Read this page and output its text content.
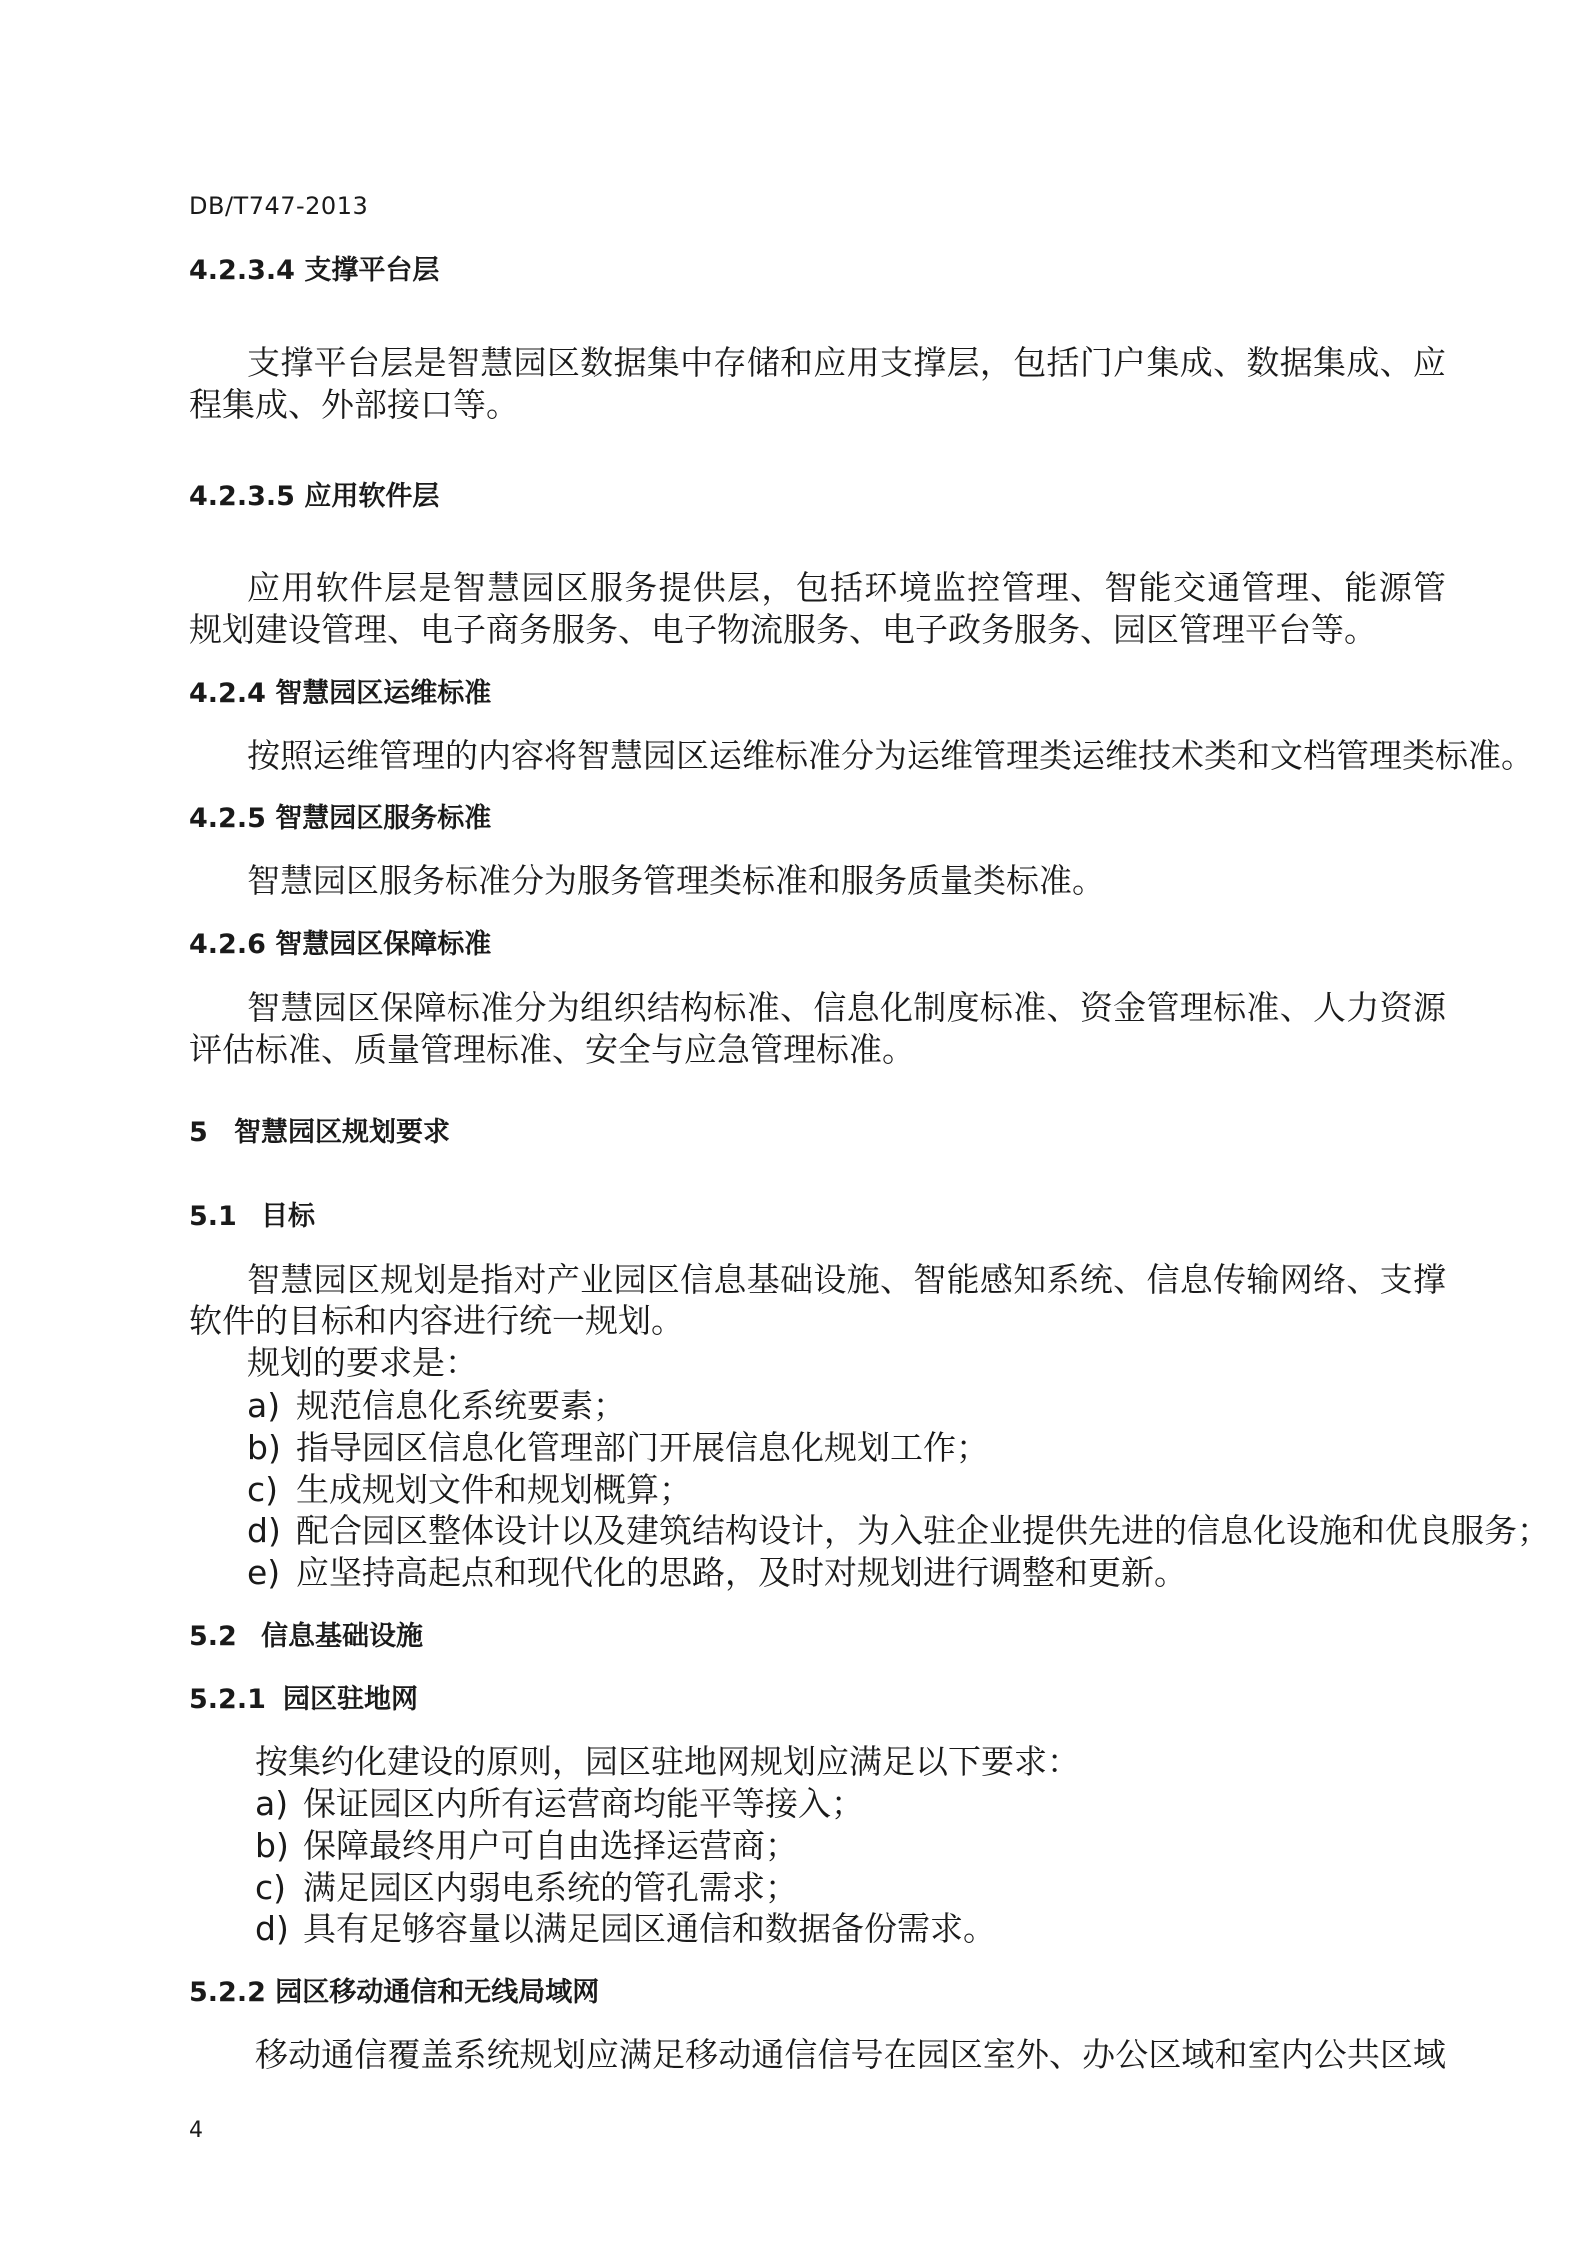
DB/T747-2013
4.2.3.4 支撑平台层
支撑平台层是智慧园区数据集中存储和应用支撑层，包括门户集成、数据集成、应
程集成、外部接口等。
4.2.3.5 应用软件层
应用软件层是智慧园区服务提供层，包括环境监控管理、智能交通管理、能源管
规划建设管理、电子商务服务、电子物流服务、电子政务服务、园区管理平台等。
4.2.4 智慧园区运维标准
按照运维管理的内容将智慧园区运维标准分为运维管理类运维技术类和文档管理类标准。
4.2.5 智慧园区服务标准
智慧园区服务标准分为服务管理类标准和服务质量类标准。
4.2.6 智慧园区保障标准
智慧园区保障标准分为组织结构标准、信息化制度标准、资金管理标准、人力资源
评估标准、质量管理标准、安全与应急管理标准。
5 智慧园区规划要求
5.1 目标
智慧园区规划是指对产业园区信息基础设施、智能感知系统、信息传输网络、支撑
软件的目标和内容进行统一规划。
规划的要求是：
a) 规范信息化系统要素；
b) 指导园区信息化管理部门开展信息化规划工作；
c) 生成规划文件和规划概算；
d) 配合园区整体设计以及建筑结构设计，为入驻企业提供先进的信息化设施和优良服务；
e) 应坚持高起点和现代化的思路，及时对规划进行调整和更新。
5.2 信息基础设施
5.2.1 园区驻地网
按集约化建设的原则，园区驻地网规划应满足以下要求：
a) 保证园区内所有运营商均能平等接入；
b) 保障最终用户可自由选择运营商；
c) 满足园区内弱电系统的管孔需求；
d) 具有足够容量以满足园区通信和数据备份需求。
5.2.2 园区移动通信和无线局域网
移动通信覆盖系统规划应满足移动通信信号在园区室外、办公区域和室内公共区域
4
